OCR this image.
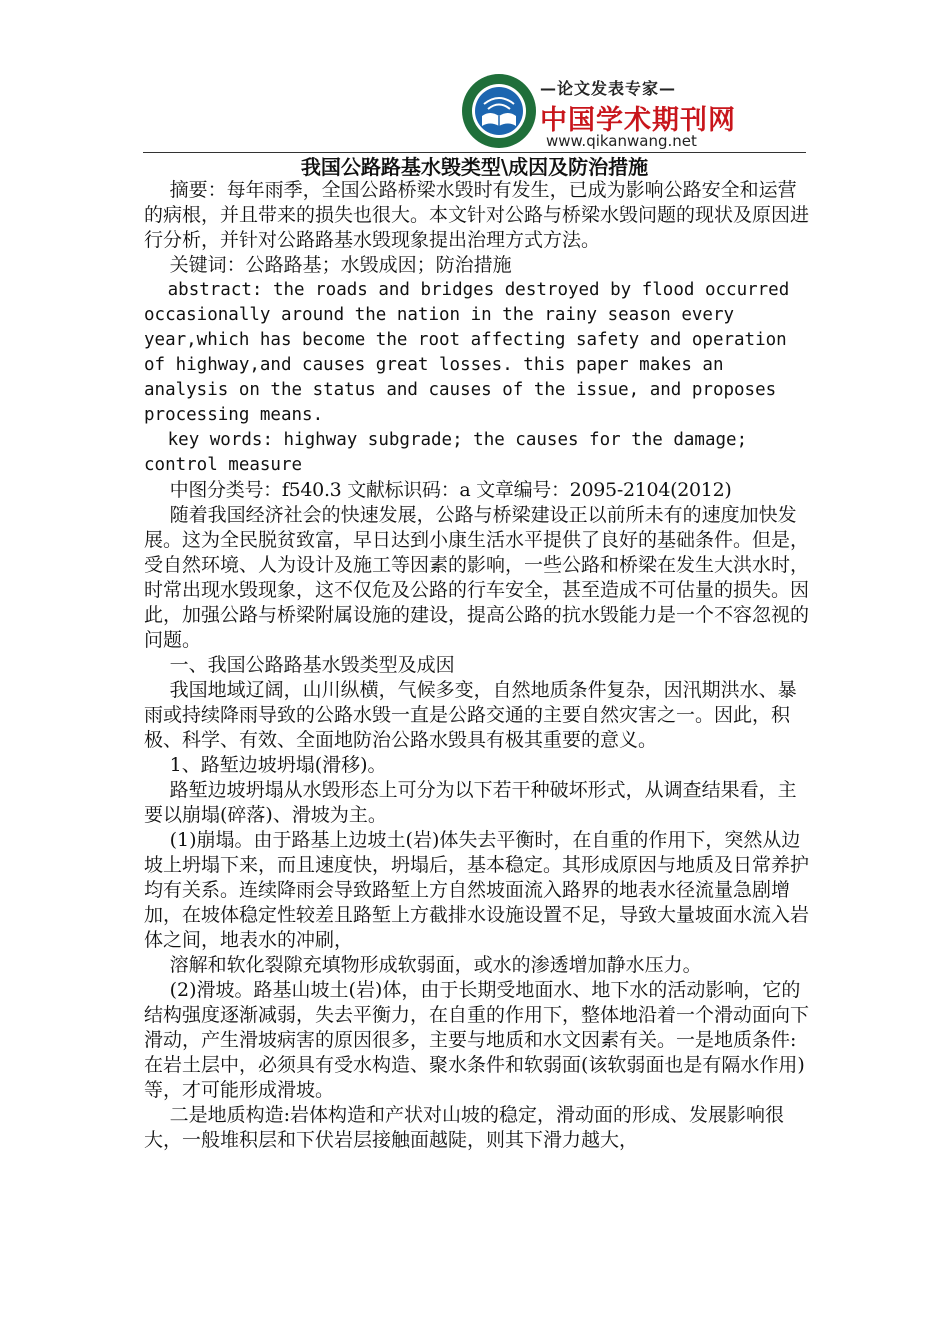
—论文发表专家—
中国学术期刊网
www.qikanwang.net
我国公路路基水毁类型\成因及防治措施

摘要：每年雨季，全国公路桥梁水毁时有发生，已成为影响公路安全和运营的病根，并且带来的损失也很大。本文针对公路与桥梁水毁问题的现状及原因进行分析，并针对公路路基水毁现象提出治理方式方法。

关键词：公路路基；水毁成因；防治措施

abstract: the roads and bridges destroyed by flood occurred occasionally around the nation in the rainy season every year,which has become the root affecting safety and operation of highway,and causes great losses. this paper makes an analysis on the status and causes of the issue, and proposes processing means.

key words: highway subgrade; the causes for the damage; control measure

中图分类号：f540.3 文献标识码：a 文章编号：2095-2104(2012)

随着我国经济社会的快速发展，公路与桥梁建设正以前所未有的速度加快发展。这为全民脱贫致富，早日达到小康生活水平提供了良好的基础条件。但是，受自然环境、人为设计及施工等因素的影响，一些公路和桥梁在发生大洪水时，时常出现水毁现象，这不仅危及公路的行车安全，甚至造成不可估量的损失。因此，加强公路与桥梁附属设施的建设，提高公路的抗水毁能力是一个不容忽视的问题。

一、我国公路路基水毁类型及成因

我国地域辽阔，山川纵横，气候多变，自然地质条件复杂，因汛期洪水、暴雨或持续降雨导致的公路水毁一直是公路交通的主要自然灾害之一。因此，积极、科学、有效、全面地防治公路水毁具有极其重要的意义。

1、路堑边坡坍塌(滑移)。

路堑边坡坍塌从水毁形态上可分为以下若干种破坏形式，从调查结果看，主要以崩塌(碎落)、滑坡为主。

(1)崩塌。由于路基上边坡土(岩)体失去平衡时，在自重的作用下，突然从边坡上坍塌下来，而且速度快，坍塌后，基本稳定。其形成原因与地质及日常养护均有关系。连续降雨会导致路堑上方自然坡面流入路界的地表水径流量急剧增加，在坡体稳定性较差且路堑上方截排水设施设置不足，导致大量坡面水流入岩体之间，地表水的冲刷，

溶解和软化裂隙充填物形成软弱面，或水的渗透增加静水压力。

(2)滑坡。路基山坡土(岩)体，由于长期受地面水、地下水的活动影响，它的结构强度逐渐减弱，失去平衡力，在自重的作用下，整体地沿着一个滑动面向下滑动，产生滑坡病害的原因很多，主要与地质和水文因素有关。一是地质条件:在岩土层中，必须具有受水构造、聚水条件和软弱面(该软弱面也是有隔水作用)等，才可能形成滑坡。

二是地质构造:岩体构造和产状对山坡的稳定，滑动面的形成、发展影响很大，一般堆积层和下伏岩层接触面越陡，则其下滑力越大，
